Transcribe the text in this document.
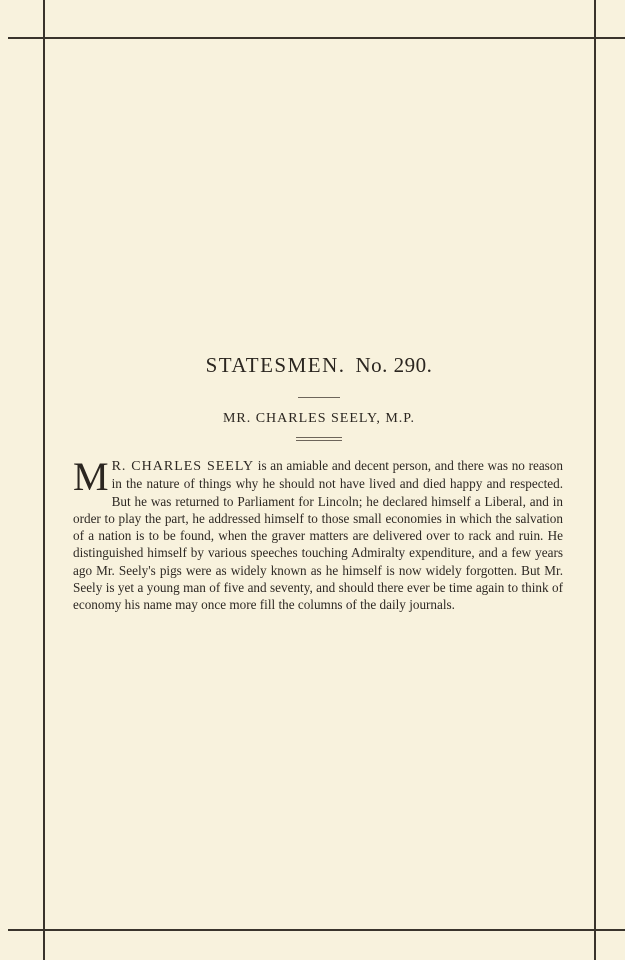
STATESMEN. No. 290.
MR. CHARLES SEELY, M.P.
M R. CHARLES SEELY is an amiable and decent person, and there was no reason in the nature of things why he should not have lived and died happy and respected. But he was returned to Parliament for Lincoln; he declared himself a Liberal, and in order to play the part, he addressed himself to those small economies in which the salvation of a nation is to be found, when the graver matters are delivered over to rack and ruin. He distinguished himself by various speeches touching Admiralty expenditure, and a few years ago Mr. Seely's pigs were as widely known as he himself is now widely forgotten. But Mr. Seely is yet a young man of five and seventy, and should there ever be time again to think of economy his name may once more fill the columns of the daily journals.
